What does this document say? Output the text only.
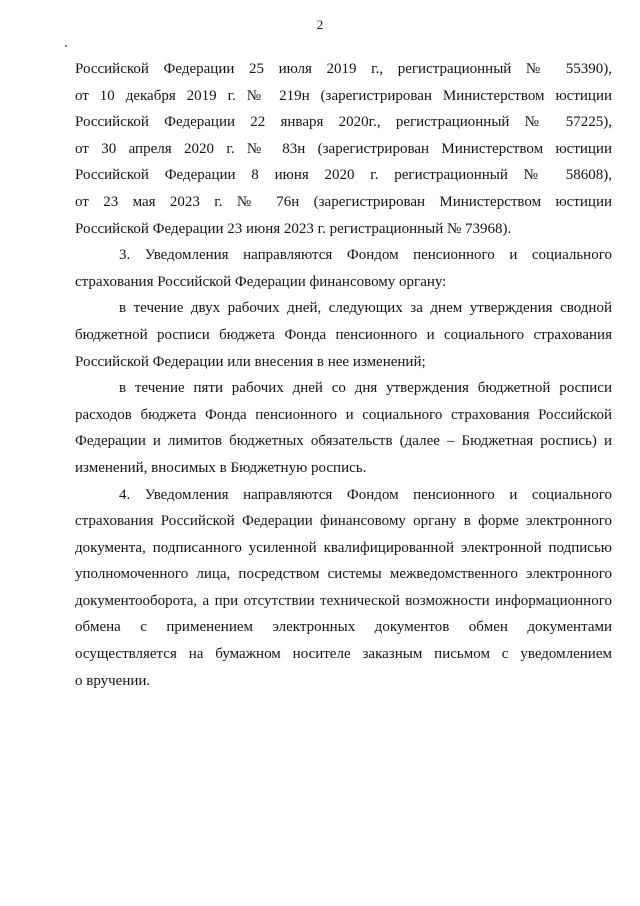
2
Российской Федерации 25 июля 2019 г., регистрационный № 55390),
от 10 декабря 2019 г. № 219н (зарегистрирован Министерством юстиции
Российской Федерации 22 января 2020г., регистрационный № 57225),
от 30 апреля 2020 г. № 83н (зарегистрирован Министерством юстиции
Российской Федерации 8 июня 2020 г. регистрационный № 58608),
от 23 мая 2023 г. № 76н (зарегистрирован Министерством юстиции
Российской Федерации 23 июня 2023 г. регистрационный № 73968).
3. Уведомления направляются Фондом пенсионного и социального
страхования Российской Федерации финансовому органу:
в течение двух рабочих дней, следующих за днем утверждения сводной
бюджетной росписи бюджета Фонда пенсионного и социального страхования
Российской Федерации или внесения в нее изменений;
в течение пяти рабочих дней со дня утверждения бюджетной росписи
расходов бюджета Фонда пенсионного и социального страхования Российской
Федерации и лимитов бюджетных обязательств (далее – Бюджетная роспись) и
изменений, вносимых в Бюджетную роспись.
4. Уведомления направляются Фондом пенсионного и социального
страхования Российской Федерации финансовому органу в форме электронного
документа, подписанного усиленной квалифицированной электронной подписью
уполномоченного лица, посредством системы межведомственного электронного
документооборота, а при отсутствии технической возможности информационного
обмена с применением электронных документов обмен документами
осуществляется на бумажном носителе заказным письмом с уведомлением
о вручении.
